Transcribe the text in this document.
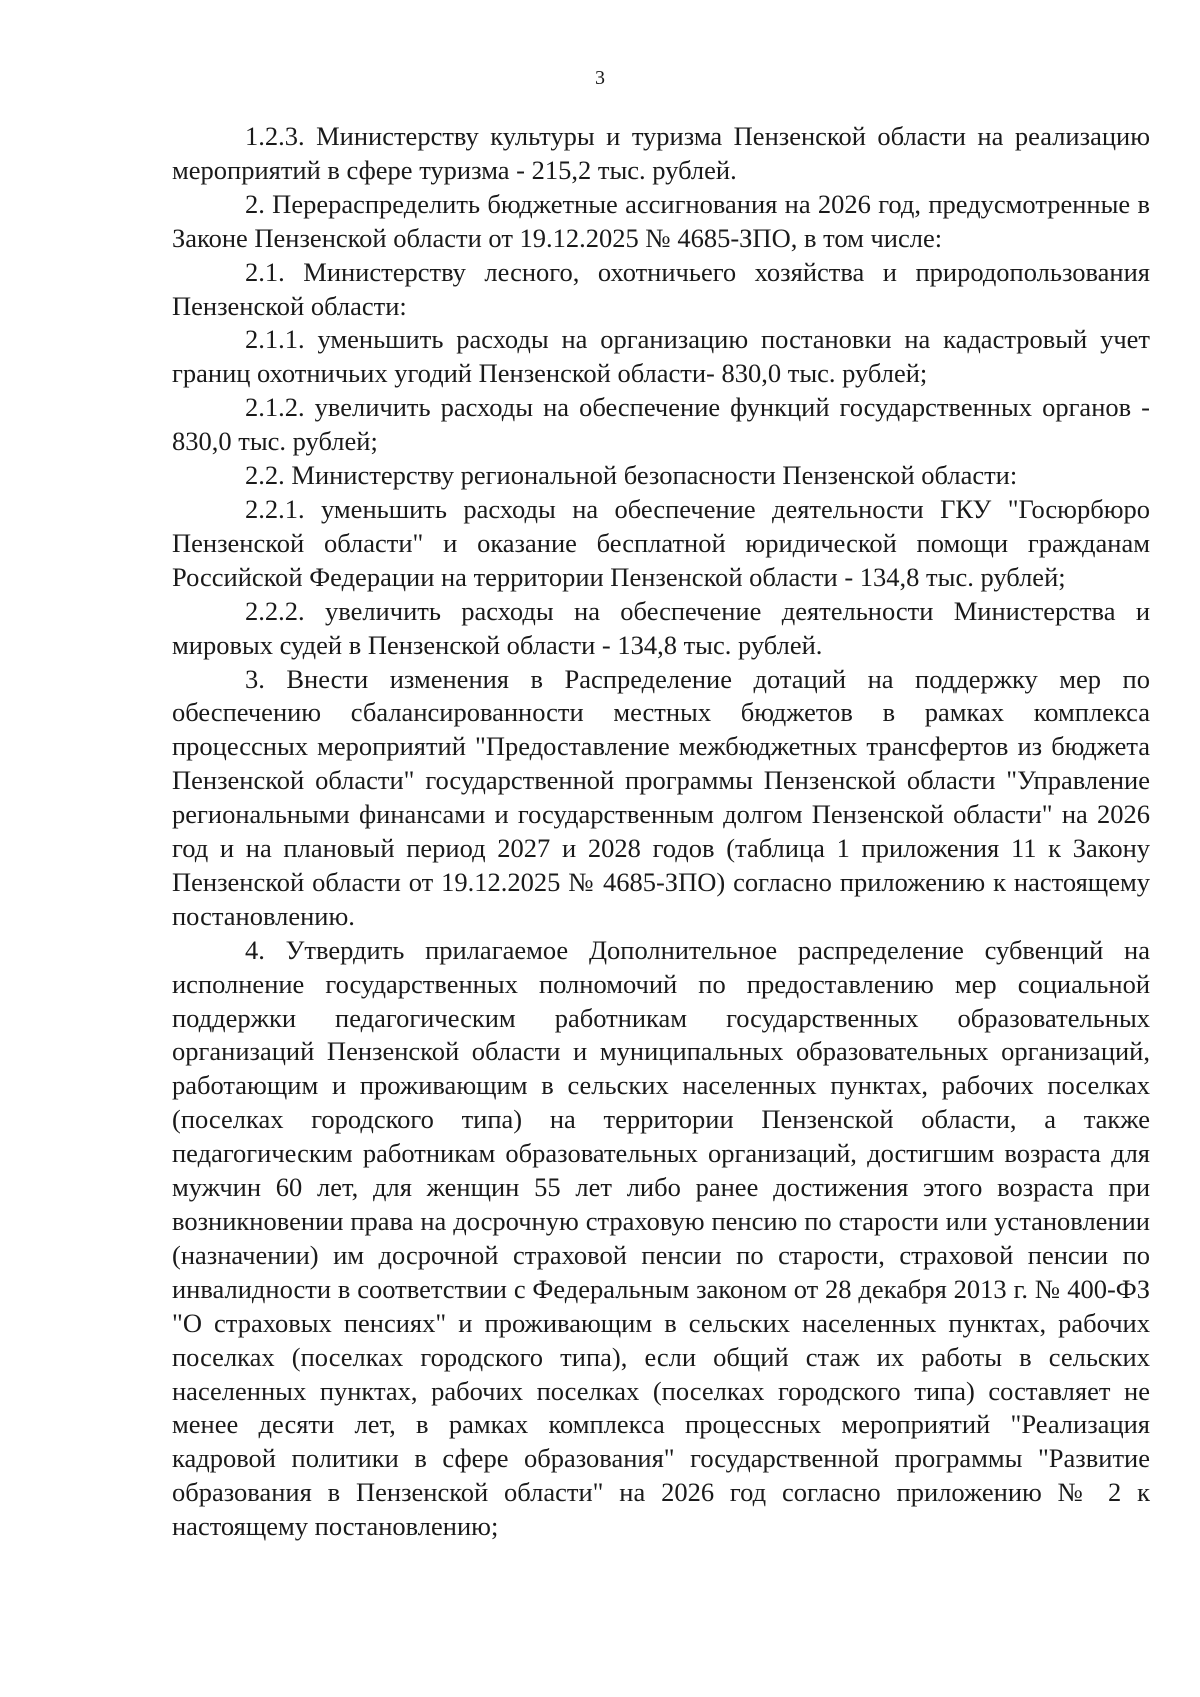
3

1.2.3. Министерству культуры и туризма Пензенской области на реализацию мероприятий в сфере туризма - 215,2 тыс. рублей.

2. Перераспределить бюджетные ассигнования на 2026 год, предусмотренные в Законе Пензенской области от 19.12.2025 № 4685-ЗПО, в том числе:

2.1. Министерству лесного, охотничьего хозяйства и природопользования Пензенской области:

2.1.1. уменьшить расходы на организацию постановки на кадастровый учет границ охотничьих угодий Пензенской области- 830,0 тыс. рублей;

2.1.2. увеличить расходы на обеспечение функций государственных органов - 830,0 тыс. рублей;

2.2. Министерству региональной безопасности Пензенской области:

2.2.1. уменьшить расходы на обеспечение деятельности ГКУ "Госюрбюро Пензенской области" и оказание бесплатной юридической помощи гражданам Российской Федерации на территории Пензенской области - 134,8 тыс. рублей;

2.2.2. увеличить расходы на обеспечение деятельности Министерства и мировых судей в Пензенской области - 134,8 тыс. рублей.

3. Внести изменения в Распределение дотаций на поддержку мер по обеспечению сбалансированности местных бюджетов в рамках комплекса процессных мероприятий "Предоставление межбюджетных трансфертов из бюджета Пензенской области" государственной программы Пензенской области "Управление региональными финансами и государственным долгом Пензенской области" на 2026 год и на плановый период 2027 и 2028 годов (таблица 1 приложения 11 к Закону Пензенской области от 19.12.2025 № 4685-ЗПО) согласно приложению к настоящему постановлению.

4. Утвердить прилагаемое Дополнительное распределение субвенций на исполнение государственных полномочий по предоставлению мер социальной поддержки педагогическим работникам государственных образовательных организаций Пензенской области и муниципальных образовательных организаций, работающим и проживающим в сельских населенных пунктах, рабочих поселках (поселках городского типа) на территории Пензенской области, а также педагогическим работникам образовательных организаций, достигшим возраста для мужчин 60 лет, для женщин 55 лет либо ранее достижения этого возраста при возникновении права на досрочную страховую пенсию по старости или установлении (назначении) им досрочной страховой пенсии по старости, страховой пенсии по инвалидности в соответствии с Федеральным законом от 28 декабря 2013 г. № 400-ФЗ "О страховых пенсиях" и проживающим в сельских населенных пунктах, рабочих поселках (поселках городского типа), если общий стаж их работы в сельских населенных пунктах, рабочих поселках (поселках городского типа) составляет не менее десяти лет, в рамках комплекса процессных мероприятий "Реализация кадровой политики в сфере образования" государственной программы "Развитие образования в Пензенской области" на 2026 год согласно приложению № 2 к настоящему постановлению;
